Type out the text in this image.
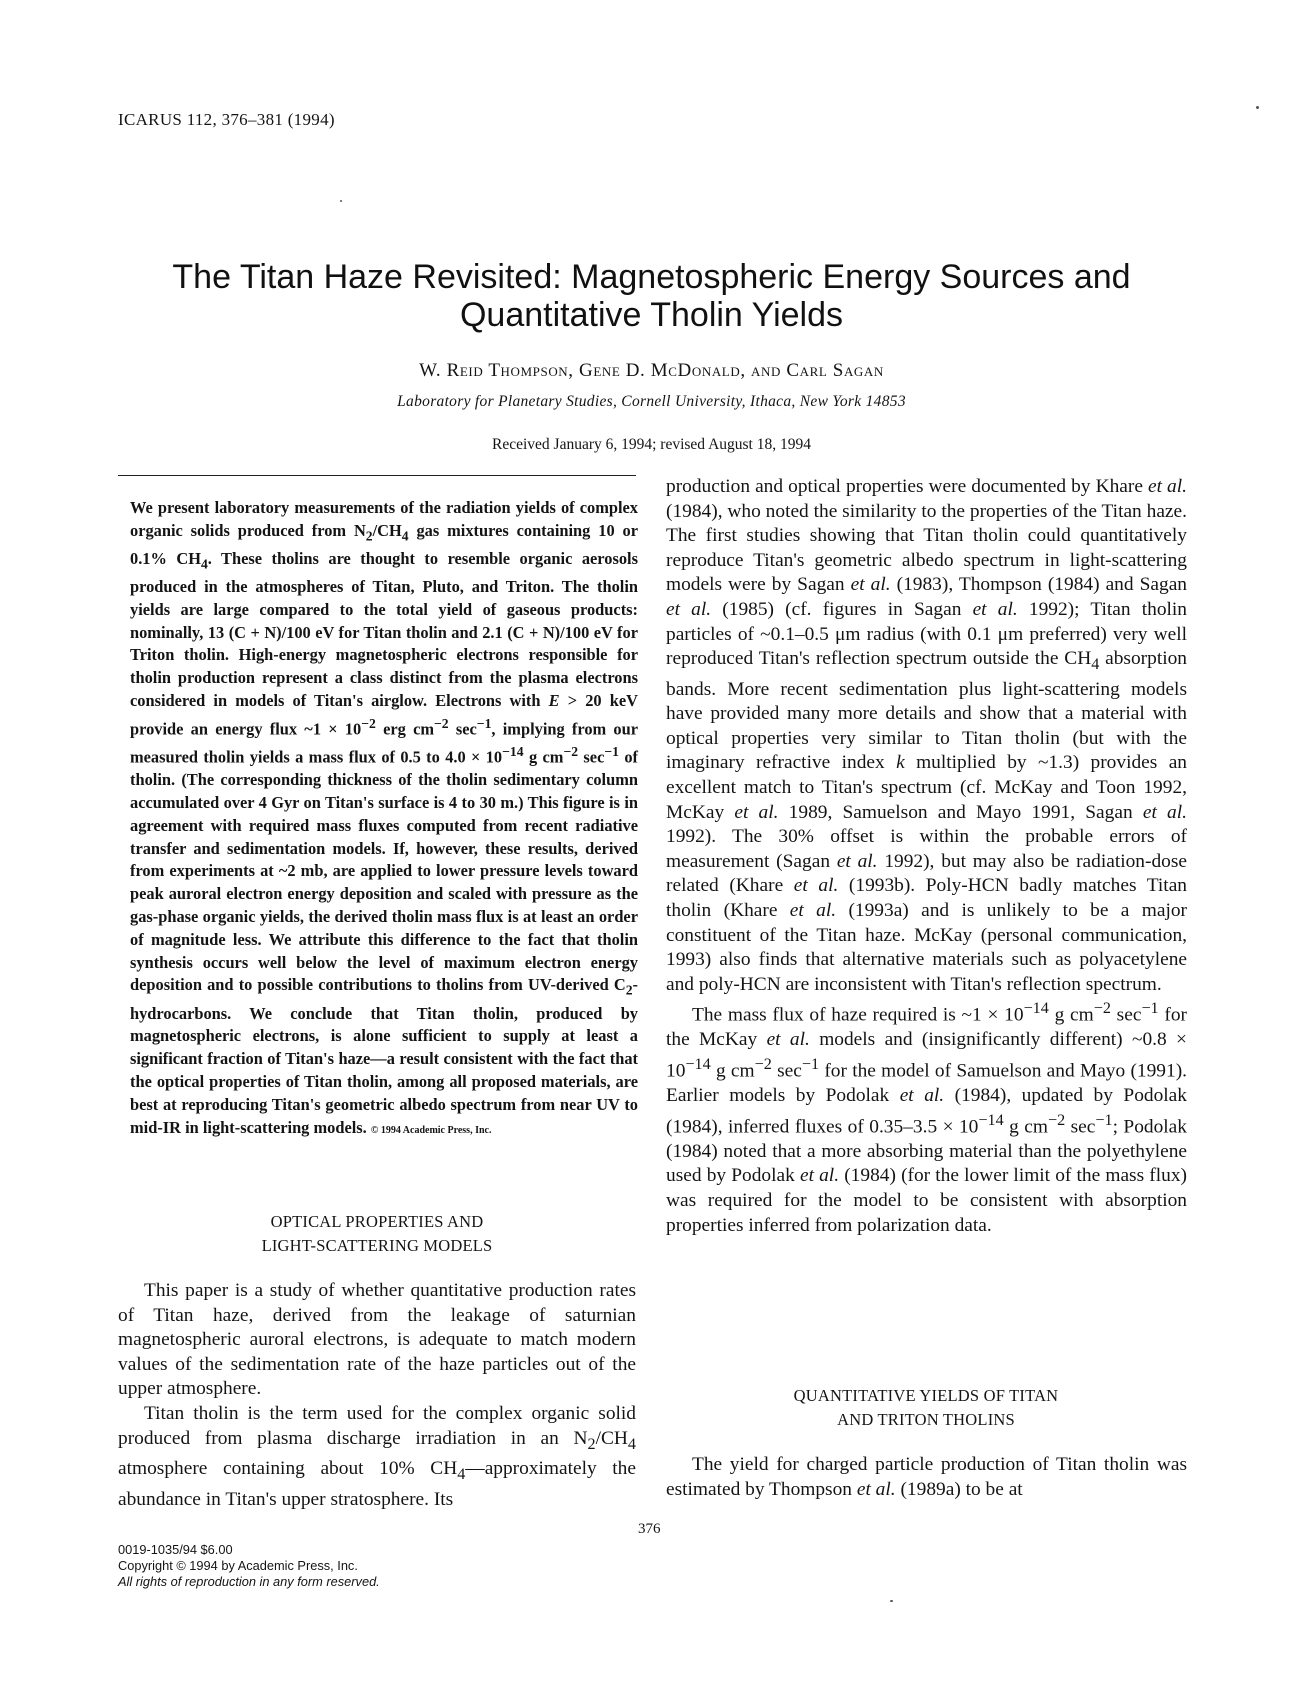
ICARUS 112, 376–381 (1994)
The Titan Haze Revisited: Magnetospheric Energy Sources and
Quantitative Tholin Yields
W. Reid Thompson, Gene D. McDonald, and Carl Sagan
Laboratory for Planetary Studies, Cornell University, Ithaca, New York 14853
Received January 6, 1994; revised August 18, 1994
We present laboratory measurements of the radiation yields of complex organic solids produced from $N_2/CH_4$ gas mixtures containing 10 or 0.1% $CH_4$. These tholins are thought to resemble organic aerosols produced in the atmospheres of Titan, Pluto, and Triton. The tholin yields are large compared to the total yield of gaseous products: nominally, 13 (C + N)/100 eV for Titan tholin and 2.1 (C + N)/100 eV for Triton tholin. High-energy magnetospheric electrons responsible for tholin production represent a class distinct from the plasma electrons considered in models of Titan's airglow. Electrons with E > 20 keV provide an energy flux ~1 × $10^{-2}$ erg $cm^{-2}$ $\sec^{-1}$, implying from our measured tholin yields a mass flux of 0.5 to $4.0 \times 10^{-14}$ g $cm^{-2}$ $\sec^{-1}$ of tholin. (The corresponding thickness of the tholin sedimentary column accumulated over 4 Gyr on Titan's surface is 4 to 30 m.) This figure is in agreement with required mass fluxes computed from recent radiative transfer and sedimentation models. If, however, these results, derived from experiments at ~2 mb, are applied to lower pressure levels toward peak auroral electron energy deposition and scaled with pressure as the gas-phase organic yields, the derived tholin mass flux is at least an order of magnitude less. We attribute this difference to the fact that tholin synthesis occurs well below the level of maximum electron energy deposition and to possible contributions to tholins from UV-derived $C_2$-hydrocarbons. We conclude that Titan tholin, produced by magnetospheric electrons, is alone sufficient to supply at least a significant fraction of Titan's haze—a result consistent with the fact that the optical properties of Titan tholin, among all proposed materials, are best at reproducing Titan's geometric albedo spectrum from near UV to mid-IR in light-scattering models. © 1994 Academic Press, Inc.
OPTICAL PROPERTIES AND
LIGHT-SCATTERING MODELS

This paper is a study of whether quantitative production rates of Titan haze, derived from the leakage of saturnian magnetospheric auroral electrons, is adequate to match modern values of the sedimentation rate of the haze particles out of the upper atmosphere.

Titan tholin is the term used for the complex organic solid produced from plasma discharge irradiation in an $N_2/CH_4$ atmosphere containing about 10% $CH_4—approximately$ the abundance in Titan's upper stratosphere. Its

production and optical properties were documented by Khare et al. (1984), who noted the similarity to the properties of the Titan haze. The first studies showing that Titan tholin could quantitatively reproduce Titan's geometric albedo spectrum in light-scattering models were by Sagan et al. (1983), Thompson (1984) and Sagan et al. (1985) (cf. figures in Sagan et al. 1992); Titan tholin particles of ~0.1–0.5 μm radius (with 0.1 μm preferred) very well reproduced Titan's reflection spectrum outside the $CH_4$ absorption bands. More recent sedimentation plus light-scattering models have provided many more details and show that a material with optical properties very similar to Titan tholin (but with the imaginary refractive index k multiplied by ~1.3) provides an excellent match to Titan's spectrum (cf. McKay and Toon 1992, McKay et al. 1989, Samuelson and Mayo 1991, Sagan et al. 1992). The 30% offset is within the probable errors of measurement (Sagan et al. 1992), but may also be radiation-dose related (Khare et al. (1993b). Poly-HCN badly matches Titan tholin (Khare et al. (1993a) and is unlikely to be a major constituent of the Titan haze. McKay (personal communication, 1993) also finds that alternative materials such as polyacetylene and poly-HCN are inconsistent with Titan's reflection spectrum.

The mass flux of haze required is ~1 × $10^{-14}$ g $cm^{-2}$ $\sec^{-1}$ for the McKay et al. models and (insignificantly different) ~0.8 × $10^{-14}$ g $cm^{-2}$ $\sec^{-1}$ for the model of Samuelson and Mayo (1991). Earlier models by Podolak et al. (1984), updated by Podolak (1984), inferred fluxes of $0.35-3.5 \times 10^{-14}$ g $cm^{-2}$ $\sec^{-1}$; Podolak (1984) noted that a more absorbing material than the polyethylene used by Podolak et al. (1984) (for the lower limit of the mass flux) was required for the model to be consistent with absorption properties inferred from polarization data.

QUANTITATIVE YIELDS OF TITAN
AND TRITON THOLINS

The yield for charged particle production of Titan tholin was estimated by Thompson et al. (1989a) to be at

376
0019-1035/94 $6.00
Copyright © 1994 by Academic Press, Inc.
All rights of reproduction in any form reserved.
